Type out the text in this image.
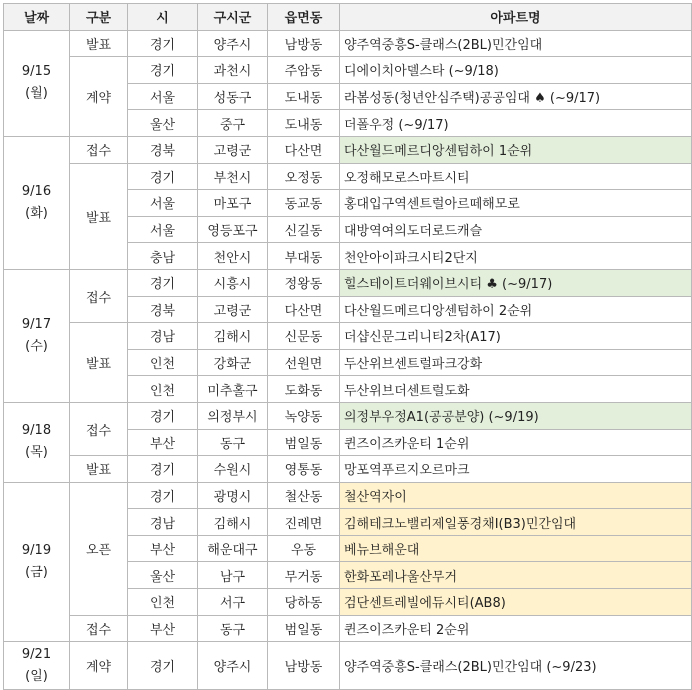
날짜	구분	시	구시군	읍면동	아파트명

9/15
(월)	발표	경기	양주시	남방동	양주역중흥S-클래스(2BL)민간임대
	계약	경기	과천시	주암동	디에이치아델스타 (~9/18)
		서울	성동구	도내동	라봄성동(청년안심주택)공공임대 ♠ (~9/17)
		울산	중구	도내동	더폴우정 (~9/17)

9/16
(화)	접수	경북	고령군	다산면	다산월드메르디앙센텀하이 1순위
	발표	경기	부천시	오정동	오정해모로스마트시티
		서울	마포구	동교동	홍대입구역센트럴아르떼해모로
		서울	영등포구	신길동	대방역여의도더로드캐슬
		충남	천안시	부대동	천안아이파크시티2단지

9/17
(수)	접수	경기	시흥시	정왕동	힐스테이트더웨이브시티 ♣ (~9/17)
		경북	고령군	다산면	다산월드메르디앙센텀하이 2순위
	발표	경남	김해시	신문동	더샵신문그리니티2차(A17)
		인천	강화군	선원면	두산위브센트럴파크강화
		인천	미추홀구	도화동	두산위브더센트럴도화

9/18
(목)	접수	경기	의정부시	녹양동	의정부우정A1(공공분양) (~9/19)
		부산	동구	범일동	퀸즈이즈카운티 1순위
	발표	경기	수원시	영통동	망포역푸르지오르마크

9/19
(금)	오픈	경기	광명시	철산동	철산역자이
		경남	김해시	진례면	김해테크노밸리제일풍경채Ⅰ(B3)민간임대
		부산	해운대구	우동	베뉴브해운대
		울산	남구	무거동	한화포레나울산무거
		인천	서구	당하동	검단센트레빌에듀시티(AB8)
	접수	부산	동구	범일동	퀸즈이즈카운티 2순위

9/21
(일)	계약	경기	양주시	남방동	양주역중흥S-클래스(2BL)민간임대 (~9/23)
